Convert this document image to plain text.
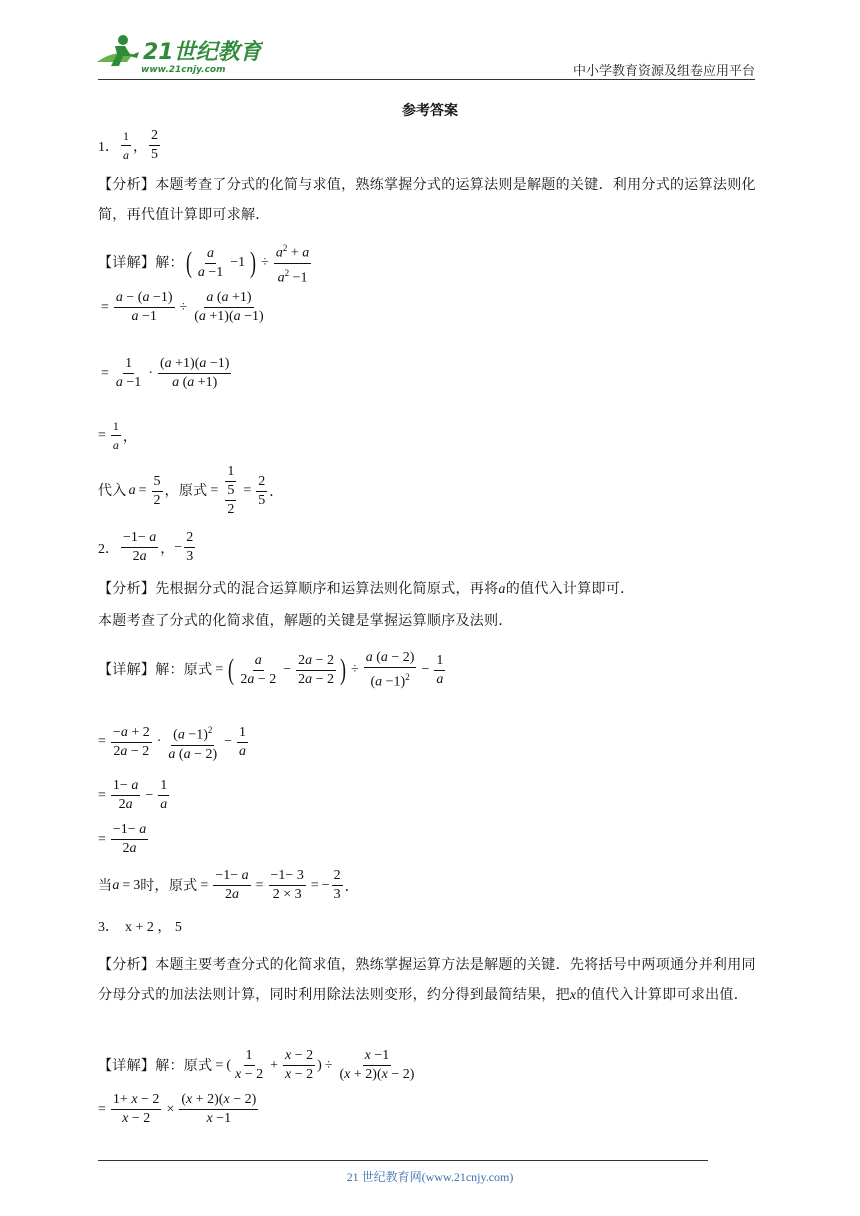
21世纪教育
www.21cnjy.com	中小学教育资源及组卷应用平台
参考答案
1．
1
a
，
2
5
【分析】本题考查了分式的化简与求值，熟练掌握分式的运算法则是解题的关键．利用分式的运算法则化简，再代值计算即可求解．
【详解】解： ( a
a −1
−1 ) ÷ $\frac{a^2 + a}{a^2 -1}$
= $\frac{a - (a -1)}{a -1} \div \frac{a (a +1)}{(a +1)(a -1)}$
= $\frac{1}{a -1}$ ·
(a +1)(a −1)
a (a +1)
= $\frac{1}{a}$ ，
代入 $a = \frac{5}{2}$ ，原式 = $\frac{1}{\frac{5}{2}} = \frac{2}{5}$ ．
2．
−1− a
2a ， − $\frac{2}{3}$
【分析】先根据分式的混合运算顺序和运算法则化简原式，再将a的值代入计算即可．
本题考查了分式的化简求值，解题的关键是掌握运算顺序及法则．
【详解】解：原式 = ( a
2a − 2
− $\frac{2a - 2}{2a - 2}$ ) ÷ $\frac{a (a - 2)}{(a -1)^2} - \frac{1}{a}$
= $\frac{-a + 2}{2a - 2} \cdot (a -1)^2$
a (a − 2)
− $\frac{1}{a}$
= $\frac{1- a}{2a} - \frac{1}{a}$
= $\frac{-1- a}{2a}$
当 a = 3 时，原式 = $\frac{-1- a}{2a} = \frac{-1- 3}{2 \times 3}$ = − $\frac{2}{3}$ ．
3． x + 2 ， 5
【分析】本题主要考查分式的化简求值，熟练掌握运算方法是解题的关键．先将括号中两项通分并利用同分母分式的加法法则计算，同时利用除法法则变形，约分得到最简结果，把x的值代入计算即可求出值．
【详解】解：原式 = (
1
x − 2
+ $\frac{x - 2}{x - 2}$ ) ÷ $\frac{x -1}{(x + 2)(x - 2)}$
= $\frac{1+ x - 2}{x - 2} \times \frac{(x + 2)(x - 2)}{x -1}$
21 世纪教育网(www.21cnjy.com)
